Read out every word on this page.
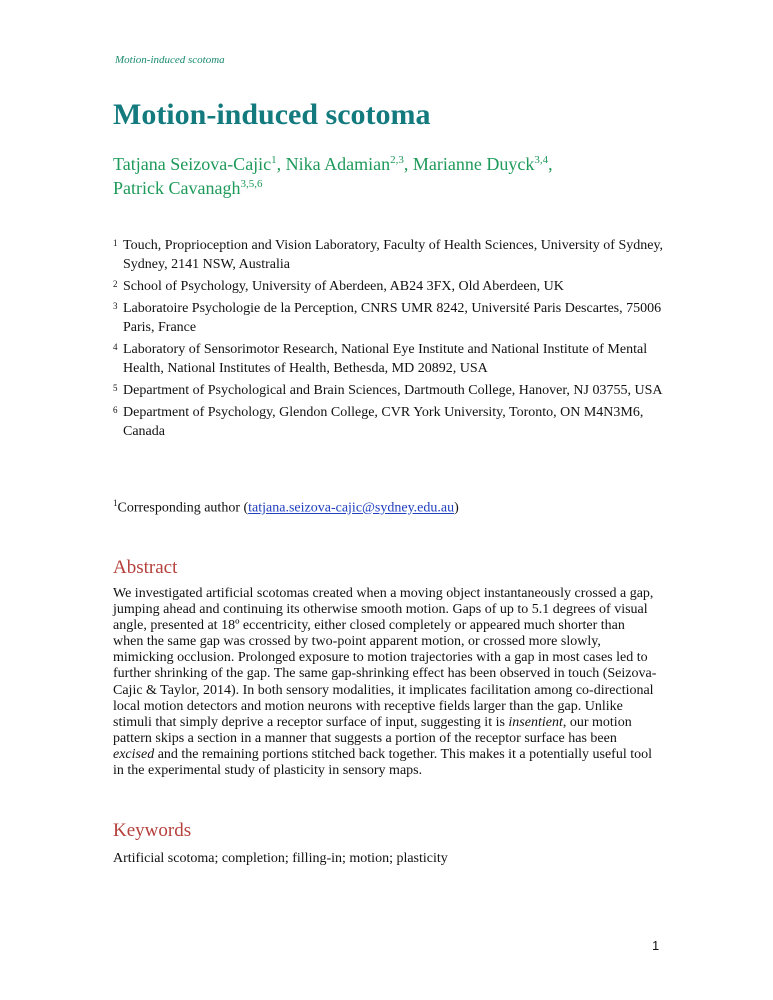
Motion-induced scotoma
Motion-induced scotoma
Tatjana Seizova-Cajic$^1$, Nika Adamian$^{2,3}$, Marianne Duyck$^{3,4}$,
Patrick Cavanagh$^{3,5,6}$
1 Touch, Proprioception and Vision Laboratory, Faculty of Health Sciences, University of Sydney, Sydney, 2141 NSW, Australia
2 School of Psychology, University of Aberdeen, AB24 3FX, Old Aberdeen, UK
3 Laboratoire Psychologie de la Perception, CNRS UMR 8242, Université Paris Descartes, 75006 Paris, France
4 Laboratory of Sensorimotor Research, National Eye Institute and National Institute of Mental Health, National Institutes of Health, Bethesda, MD 20892, USA
5 Department of Psychological and Brain Sciences, Dartmouth College, Hanover, NJ 03755, USA
6 Department of Psychology, Glendon College, CVR York University, Toronto, ON M4N3M6, Canada
$^1$Corresponding author (tatjana.seizova-cajic@sydney.edu.au)
Abstract

We investigated artificial scotomas created when a moving object instantaneously crossed a gap, jumping ahead and continuing its otherwise smooth motion. Gaps of up to 5.1 degrees of visual angle, presented at 18º eccentricity, either closed completely or appeared much shorter than when the same gap was crossed by two-point apparent motion, or crossed more slowly, mimicking occlusion. Prolonged exposure to motion trajectories with a gap in most cases led to further shrinking of the gap. The same gap-shrinking effect has been observed in touch (Seizova-Cajic & Taylor, 2014). In both sensory modalities, it implicates facilitation among co-directional local motion detectors and motion neurons with receptive fields larger than the gap. Unlike stimuli that simply deprive a receptor surface of input, suggesting it is insentient, our motion pattern skips a section in a manner that suggests a portion of the receptor surface has been excised and the remaining portions stitched back together. This makes it a potentially useful tool in the experimental study of plasticity in sensory maps.

Keywords

Artificial scotoma; completion; filling-in; motion; plasticity

1
